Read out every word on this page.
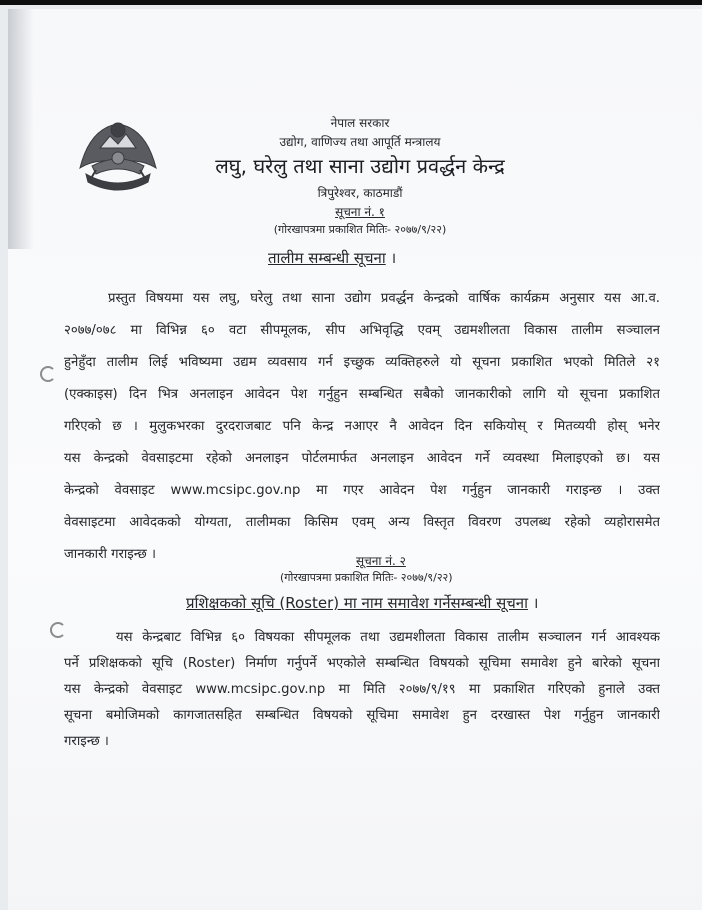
नेपाल सरकार
उद्योग, वाणिज्य तथा आपूर्ति मन्त्रालय
लघु, घरेलु तथा साना उद्योग प्रवर्द्धन केन्द्र
त्रिपुरेश्वर, काठमाडौं
सूचना नं. १
(गोरखापत्रमा प्रकाशित मितिः- २०७७/९/२२)
तालीम सम्बन्धी सूचना ।
प्रस्तुत विषयमा यस लघु, घरेलु तथा साना उद्योग प्रवर्द्धन केन्द्रको वार्षिक कार्यक्रम अनुसार यस आ.व.
२०७७/०७८ मा विभिन्न ६० वटा सीपमूलक, सीप अभिवृद्धि एवम् उद्यमशीलता विकास तालीम सञ्चालन
हुनेहुँदा तालीम लिई भविष्यमा उद्यम व्यवसाय गर्न इच्छुक व्यक्तिहरुले यो सूचना प्रकाशित भएको मितिले २१
(एक्काइस) दिन भित्र अनलाइन आवेदन पेश गर्नुहुन सम्बन्धित सबैको जानकारीको लागि यो सूचना प्रकाशित
गरिएको छ । मुलुकभरका दुरदराजबाट पनि केन्द्र नआएर नै आवेदन दिन सकियोस् र मितव्ययी होस् भनेर
यस केन्द्रको वेवसाइटमा रहेको अनलाइन पोर्टलमार्फत अनलाइन आवेदन गर्ने व्यवस्था मिलाइएको छ। यस
केन्द्रको वेवसाइट www.mcsipc.gov.np मा गएर आवेदन पेश गर्नुहुन जानकारी गराइन्छ । उक्त
वेवसाइटमा आवेदकको योग्यता, तालीमका किसिम एवम् अन्य विस्तृत विवरण उपलब्ध रहेको व्यहोरासमेत
जानकारी गराइन्छ ।	सूचना नं. २
(गोरखापत्रमा प्रकाशित मितिः- २०७७/९/२२)
प्रशिक्षकको सूचि (Roster) मा नाम समावेश गर्नेसम्बन्धी सूचना ।
यस केन्द्रबाट विभिन्न ६० विषयका सीपमूलक तथा उद्यमशीलता विकास तालीम सञ्चालन गर्न आवश्यक
पर्ने प्रशिक्षकको सूचि (Roster) निर्माण गर्नुपर्ने भएकोले सम्बन्धित विषयको सूचिमा समावेश हुने बारेको सूचना
यस केन्द्रको वेवसाइट www.mcsipc.gov.np मा मिति २०७७/९/१९ मा प्रकाशित गरिएको हुनाले उक्त
सूचना बमोजिमको कागजातसहित सम्बन्धित विषयको सूचिमा समावेश हुन दरखास्त पेश गर्नुहुन जानकारी
गराइन्छ ।
